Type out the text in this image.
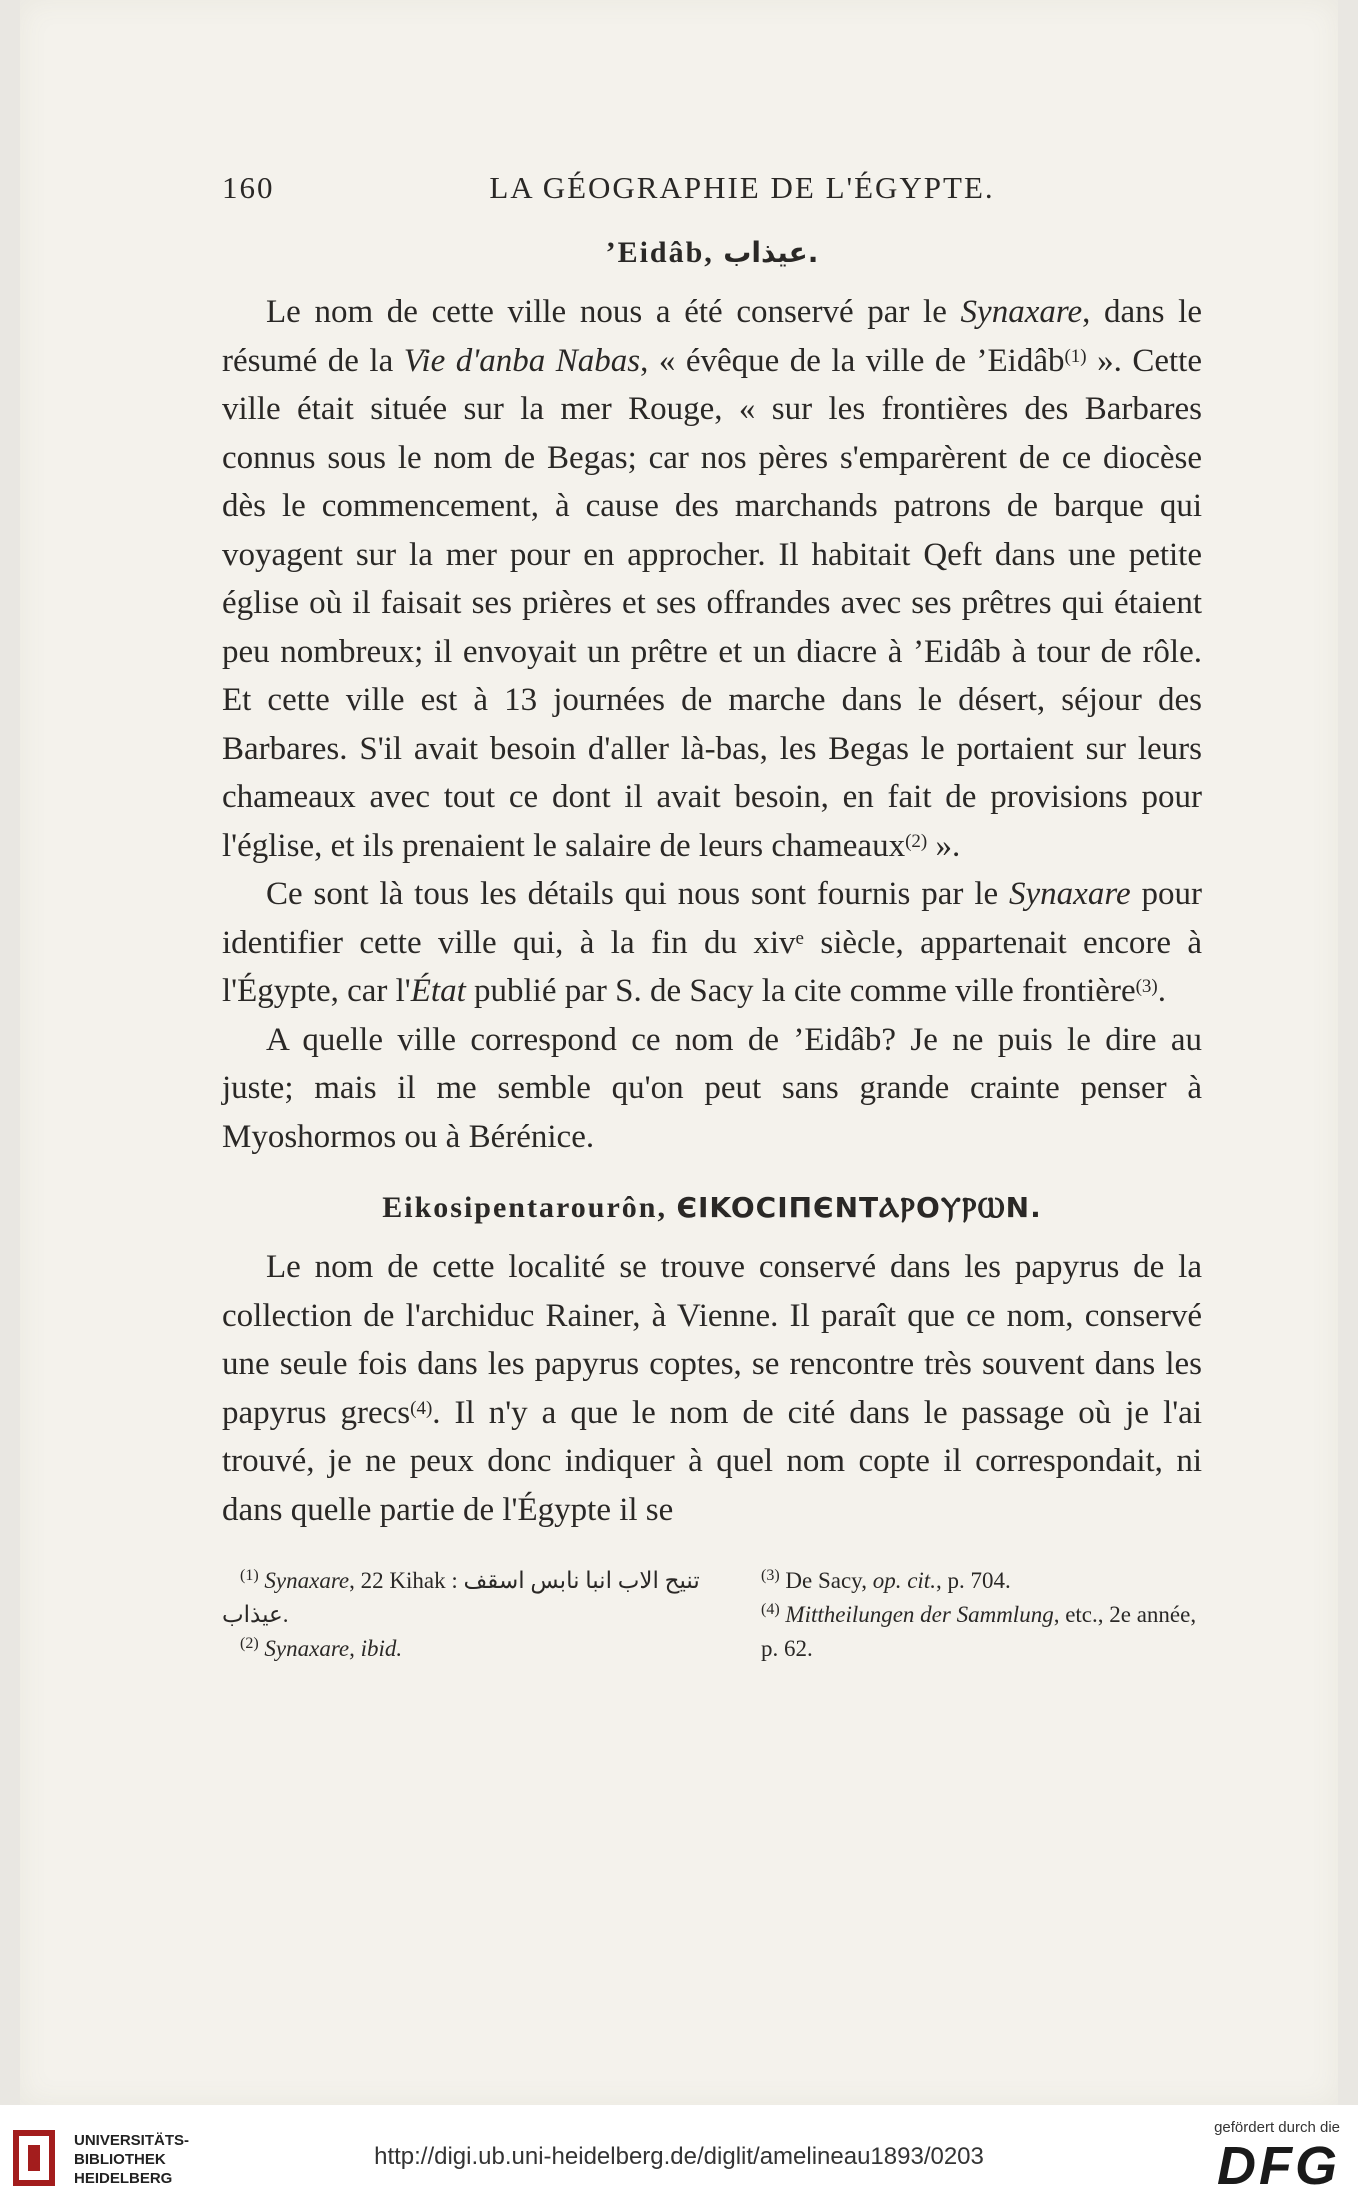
160	LA GÉOGRAPHIE DE L'ÉGYPTE.
’Eidâb, عيذاب.

Le nom de cette ville nous a été conservé par le Synaxare, dans le résumé de la Vie d'anba Nabas, « évêque de la ville de ’Eidâb$^{(1)}$ ». Cette ville était située sur la mer Rouge, « sur les frontières des Barbares connus sous le nom de Begas; car nos pères s'emparèrent de ce diocèse dès le commencement, à cause des marchands patrons de barque qui voyagent sur la mer pour en approcher. Il habitait Qeft dans une petite église où il faisait ses prières et ses offrandes avec ses prêtres qui étaient peu nombreux; il envoyait un prêtre et un diacre à ’Eidâb à tour de rôle. Et cette ville est à 13 journées de marche dans le désert, séjour des Barbares. S'il avait besoin d'aller là-bas, les Begas le portaient sur leurs chameaux avec tout ce dont il avait besoin, en fait de provisions pour l'église, et ils prenaient le salaire de leurs chameaux$^{(2)}$ ».

Ce sont là tous les détails qui nous sont fournis par le Synaxare pour identifier cette ville qui, à la fin du xiv$^e$ siècle, appartenait encore à l'Égypte, car l'État publié par S. de Sacy la cite comme ville frontière$^{(3)}$.

A quelle ville correspond ce nom de ’Eidâb? Je ne puis le dire au juste; mais il me semble qu'on peut sans grande crainte penser à Myoshormos ou à Bérénice.

Eikosipentarourôn, ЄIKOCIПЄNTⲀⲢOⲨⲢⲰN.

Le nom de cette localité se trouve conservé dans les papyrus de la collection de l'archiduc Rainer, à Vienne. Il paraît que ce nom, conservé une seule fois dans les papyrus coptes, se rencontre très souvent dans les papyrus grecs$^{(4)}$. Il n'y a que le nom de cité dans le passage où je l'ai trouvé, je ne peux donc indiquer à quel nom copte il correspondait, ni dans quelle partie de l'Égypte il se

$^{(1)}$ Synaxare, 22 Kihak : تنيح الاب انبا نابس اسقف عيذاب.

$^{(2)}$ Synaxare, ibid.

$^{(3)}$ De Sacy, op. cit., p. 704.

$^{(4)}$ Mittheilungen der Sammlung, etc., 2e année, p. 62.

UNIVERSITÄTS-
BIBLIOTHEK
HEIDELBERG
http://digi.ub.uni-heidelberg.de/diglit/amelineau1893/0203
gefördert durch die
DFG
